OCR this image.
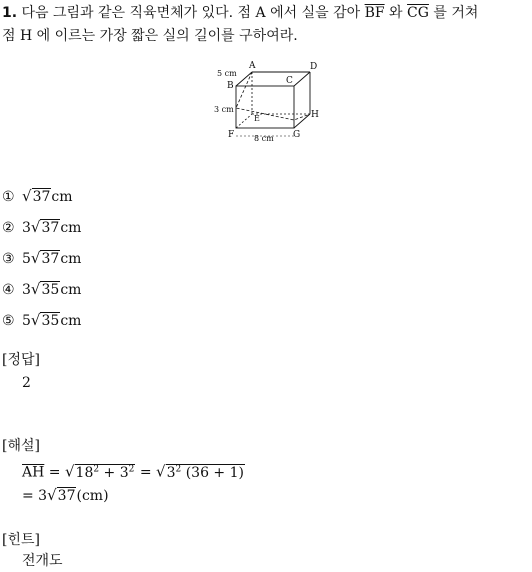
1. 다음 그림과 같은 직육면체가 있다. 점 A 에서 실을 감아 $\overline{BF}$ 와 $\overline{CG}$ 를 거쳐
점 H 에 이르는 가장 짧은 실의 길이를 구하여라.
5 cm
A	D
B	C
3 cm
E	H
F 8 cm G
① √37cm
② 3√37cm
③ 5√37cm
④ 3√35cm
⑤ 5√35cm
[정답]
2
[해설]
$\overline{AH} = √18^2 + 3^2 = √3^2$ (36 + 1)
= 3√37(cm)
[힌트]
전개도
